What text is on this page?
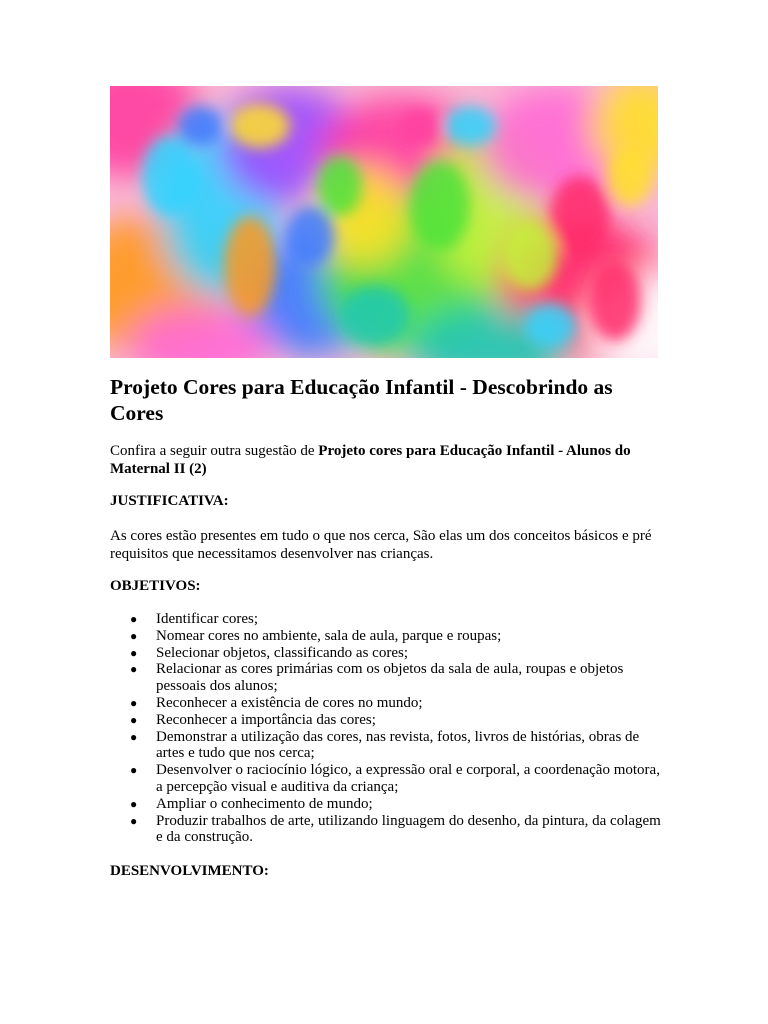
Projeto Cores para Educação Infantil - Descobrindo as Cores

Confira a seguir outra sugestão de Projeto cores para Educação Infantil - Alunos do Maternal II (2)

JUSTIFICATIVA:

As cores estão presentes em tudo o que nos cerca, São elas um dos conceitos básicos e pré requisitos que necessitamos desenvolver nas crianças.

OBJETIVOS:

● Identificar cores;
● Nomear cores no ambiente, sala de aula, parque e roupas;
● Selecionar objetos, classificando as cores;
● Relacionar as cores primárias com os objetos da sala de aula, roupas e objetos pessoais dos alunos;
● Reconhecer a existência de cores no mundo;
● Reconhecer a importância das cores;
● Demonstrar a utilização das cores, nas revista, fotos, livros de histórias, obras de artes e tudo que nos cerca;
● Desenvolver o raciocínio lógico, a expressão oral e corporal, a coordenação motora, a percepção visual e auditiva da criança;
● Ampliar o conhecimento de mundo;
● Produzir trabalhos de arte, utilizando linguagem do desenho, da pintura, da colagem e da construção.

DESENVOLVIMENTO:
